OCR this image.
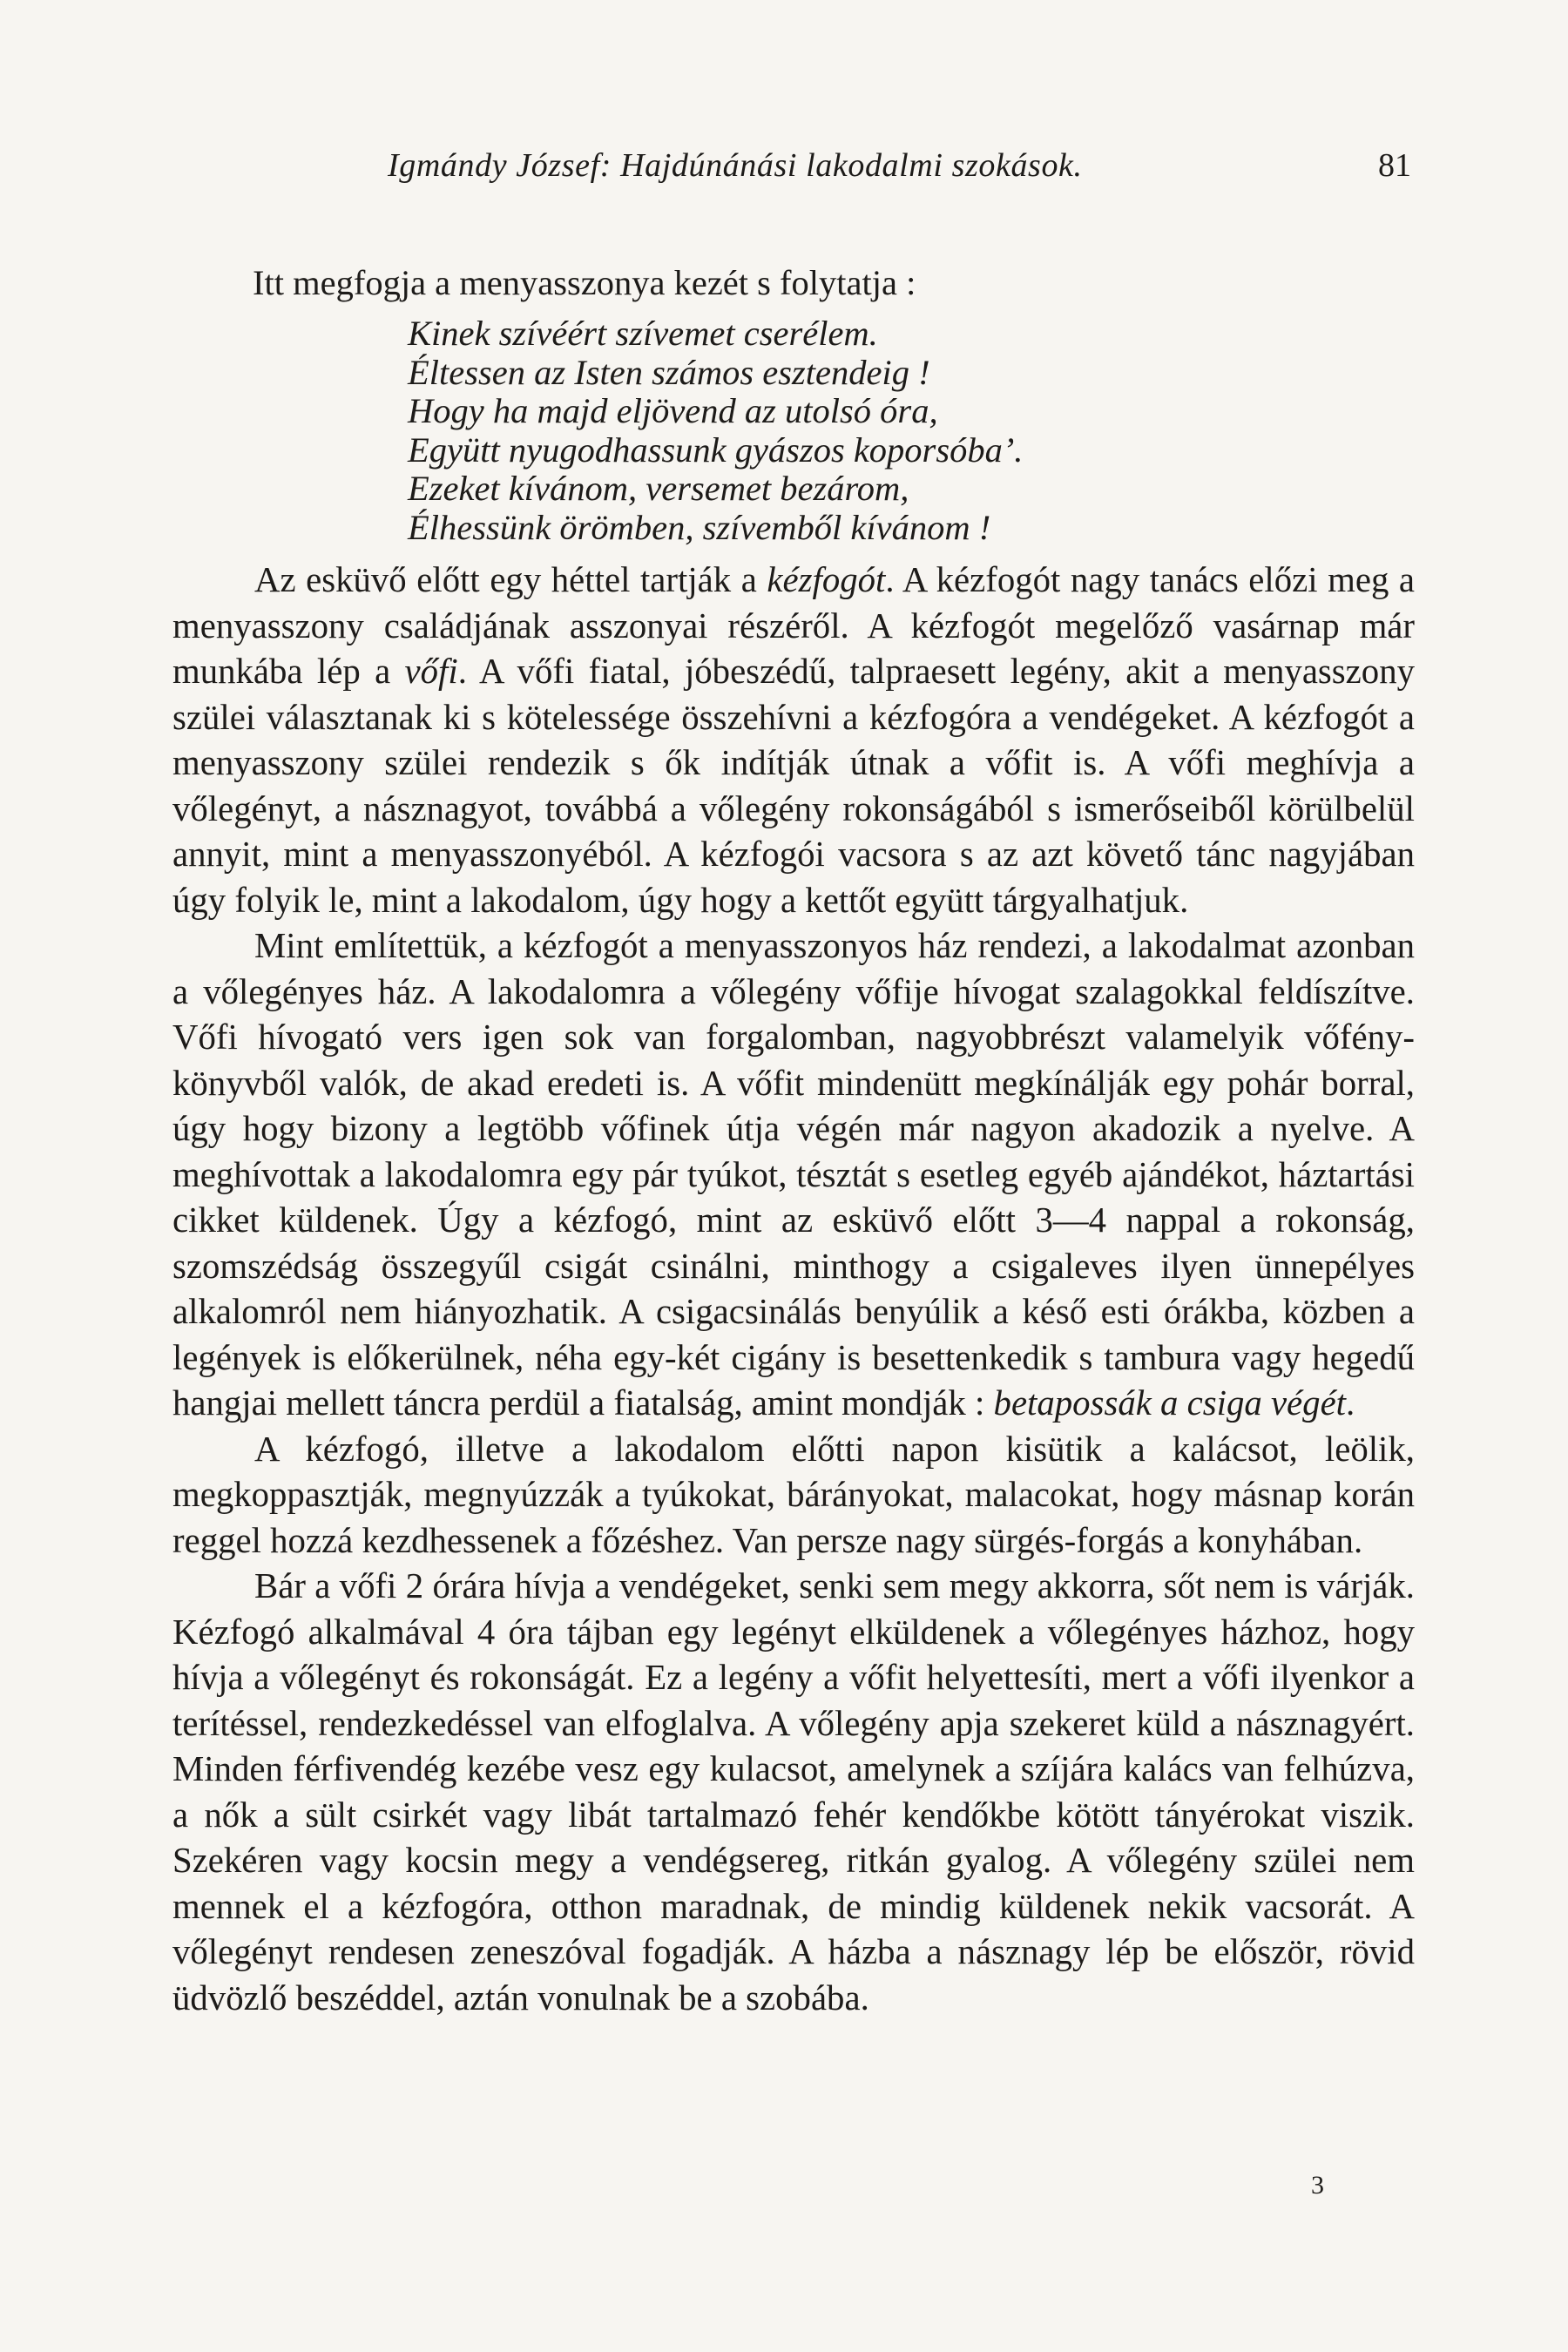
Igmándy József: Hajdúnánási lakodalmi szokások.	81

Itt megfogja a menyasszonya kezét s folytatja :

Kinek szívéért szívemet cserélem.
Éltessen az Isten számos esztendeig !
Hogy ha majd eljövend az utolsó óra,
Együtt nyugodhassunk gyászos koporsóba’.
Ezeket kívánom, versemet bezárom,
Élhessünk örömben, szívemből kívánom !

Az esküvő előtt egy héttel tartják a kézfogót. A kézfogót nagy tanács előzi meg a menyasszony családjának asszonyai részéről. A kézfogót megelőző vasárnap már munkába lép a vőfi. A vőfi fiatal, jóbeszédű, talpraesett legény, akit a menyasszony szülei választanak ki s kötelessége összehívni a kézfogóra a vendégeket. A kézfogót a menyasszony szülei rendezik s ők indítják útnak a vőfit is. A vőfi meghívja a vőlegényt, a násznagyot, továbbá a vőlegény rokonságából s ismerőseiből körülbelül annyit, mint a menyasszonyéból. A kézfogói vacsora s az azt követő tánc nagyjában úgy folyik le, mint a lakodalom, úgy hogy a kettőt együtt tárgyalhatjuk.

Mint említettük, a kézfogót a menyasszonyos ház rendezi, a lakodalmat azonban a vőlegényes ház. A lakodalomra a vőlegény vőfije hívogat szalagokkal feldíszítve. Vőfi hívogató vers igen sok van forgalomban, nagyobbrészt valamelyik vőfény-könyvből valók, de akad eredeti is. A vőfit mindenütt megkínálják egy pohár borral, úgy hogy bizony a legtöbb vőfinek útja végén már nagyon akadozik a nyelve. A meghívottak a lakodalomra egy pár tyúkot, tésztát s esetleg egyéb ajándékot, háztartási cikket küldenek. Úgy a kézfogó, mint az esküvő előtt 3—4 nappal a rokonság, szomszédság összegyűl csigát csinálni, minthogy a csigaleves ilyen ünnepélyes alkalomról nem hiányozhatik. A csigacsinálás benyúlik a késő esti órákba, közben a legények is előkerülnek, néha egy-két cigány is besettenkedik s tambura vagy hegedű hangjai mellett táncra perdül a fiatalság, amint mondják : betapossák a csiga végét.

A kézfogó, illetve a lakodalom előtti napon kisütik a kalácsot, leölik, megkoppasztják, megnyúzzák a tyúkokat, bárányokat, malacokat, hogy másnap korán reggel hozzá kezdhessenek a főzéshez. Van persze nagy sürgés-forgás a konyhában.

Bár a vőfi 2 órára hívja a vendégeket, senki sem megy akkorra, sőt nem is várják. Kézfogó alkalmával 4 óra tájban egy legényt elküldenek a vőlegényes házhoz, hogy hívja a vőlegényt és rokonságát. Ez a legény a vőfit helyettesíti, mert a vőfi ilyenkor a terítéssel, rendezkedéssel van elfoglalva. A vőlegény apja szekeret küld a násznagyért. Minden férfivendég kezébe vesz egy kulacsot, amelynek a szíjára kalács van felhúzva, a nők a sült csirkét vagy libát tartalmazó fehér kendőkbe kötött tányérokat viszik. Szekéren vagy kocsin megy a vendégsereg, ritkán gyalog. A vőlegény szülei nem mennek el a kézfogóra, otthon maradnak, de mindig küldenek nekik vacsorát. A vőlegényt rendesen zeneszóval fogadják. A házba a násznagy lép be először, rövid üdvözlő beszéddel, aztán vonulnak be a szobába.

3
